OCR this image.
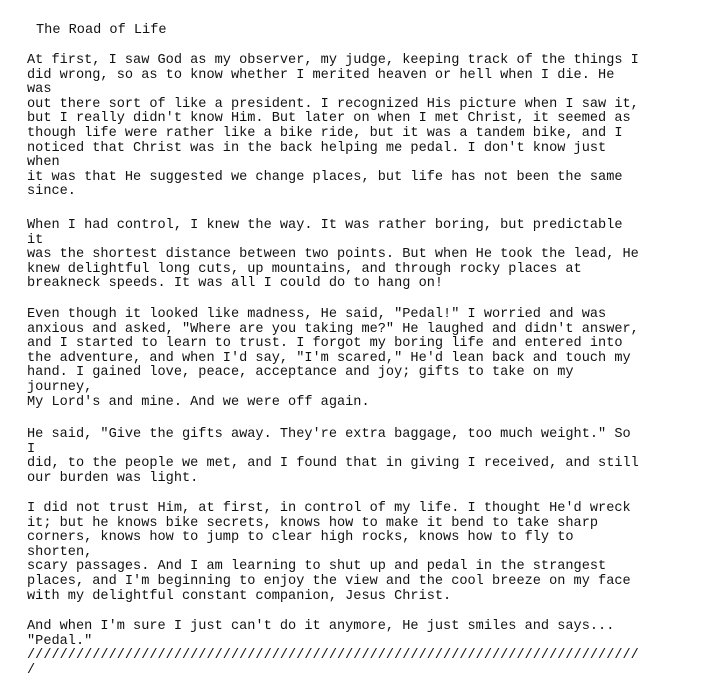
The Road of Life
At first, I saw God as my observer, my judge, keeping track of the things I
did wrong, so as to know whether I merited heaven or hell when I die. He
was
out there sort of like a president. I recognized His picture when I saw it,
but I really didn't know Him. But later on when I met Christ, it seemed as
though life were rather like a bike ride, but it was a tandem bike, and I
noticed that Christ was in the back helping me pedal. I don't know just
when
it was that He suggested we change places, but life has not been the same
since.
When I had control, I knew the way. It was rather boring, but predictable
it
was the shortest distance between two points. But when He took the lead, He
knew delightful long cuts, up mountains, and through rocky places at
breakneck speeds. It was all I could do to hang on!
Even though it looked like madness, He said, "Pedal!" I worried and was
anxious and asked, "Where are you taking me?" He laughed and didn't answer,
and I started to learn to trust. I forgot my boring life and entered into
the adventure, and when I'd say, "I'm scared," He'd lean back and touch my
hand. I gained love, peace, acceptance and joy; gifts to take on my
journey,
My Lord's and mine. And we were off again.
He said, "Give the gifts away. They're extra baggage, too much weight." So
I
did, to the people we met, and I found that in giving I received, and still
our burden was light.
I did not trust Him, at first, in control of my life. I thought He'd wreck
it; but he knows bike secrets, knows how to make it bend to take sharp
corners, knows how to jump to clear high rocks, knows how to fly to
shorten,
scary passages. And I am learning to shut up and pedal in the strangest
places, and I'm beginning to enjoy the view and the cool breeze on my face
with my delightful constant companion, Jesus Christ.
And when I'm sure I just can't do it anymore, He just smiles and says...
"Pedal."
///////////////////////////////////////////////////////////////////////////
/
